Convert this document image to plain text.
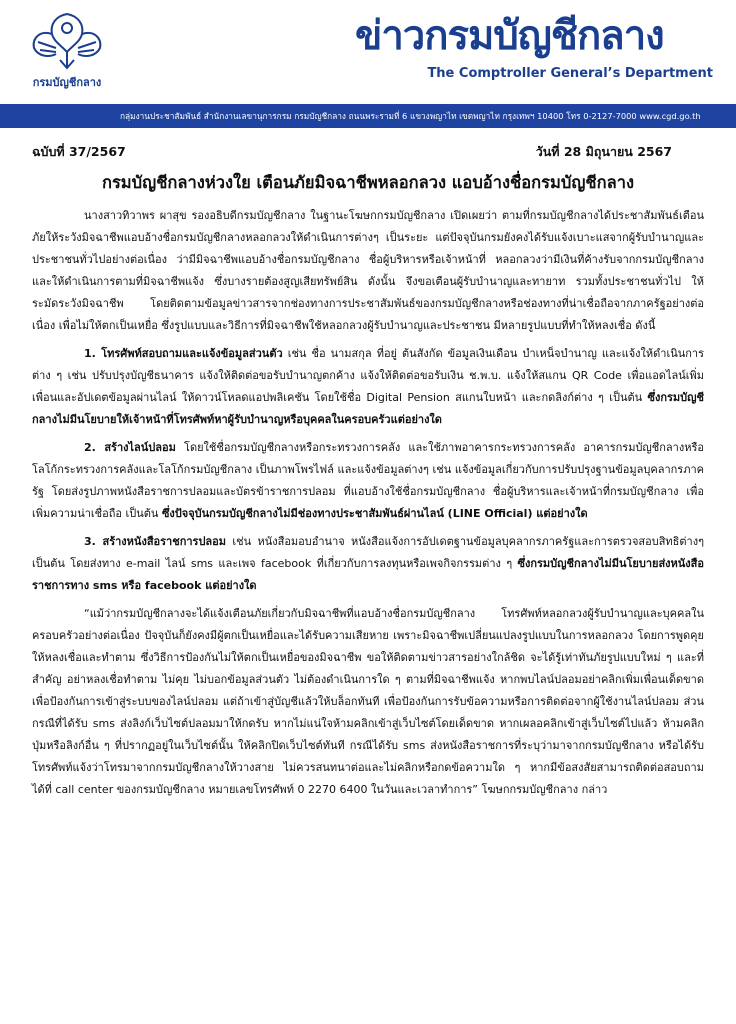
กรมบัญชีกลาง
ข่าวกรมบัญชีกลาง
The Comptroller General’s Department
กลุ่มงานประชาสัมพันธ์ สำนักงานเลขานุการกรม กรมบัญชีกลาง ถนนพระรามที่ 6 แขวงพญาไท เขตพญาไท กรุงเทพฯ 10400 โทร 0-2127-7000 www.cgd.go.th
ฉบับที่ 37/2567	วันที่ 28 มิถุนายน 2567
กรมบัญชีกลางห่วงใย เตือนภัยมิจฉาชีพหลอกลวง แอบอ้างชื่อกรมบัญชีกลาง

นางสาวทิวาพร ผาสุข รองอธิบดีกรมบัญชีกลาง ในฐานะโฆษกกรมบัญชีกลาง เปิดเผยว่า ตามที่กรมบัญชีกลางได้ประชาสัมพันธ์เตือนภัยให้ระวังมิจฉาชีพแอบอ้างชื่อกรมบัญชีกลางหลอกลวงให้ดำเนินการต่างๆ เป็นระยะ แต่ปัจจุบันกรมยังคงได้รับแจ้งเบาะแสจากผู้รับบำนาญและประชาชนทั่วไปอย่างต่อเนื่อง ว่ามีมิจฉาชีพแอบอ้างชื่อกรมบัญชีกลาง ชื่อผู้บริหารหรือเจ้าหน้าที่ หลอกลวงว่ามีเงินที่ค้างรับจากกรมบัญชีกลางและให้ดำเนินการตามที่มิจฉาชีพแจ้ง ซึ่งบางรายต้องสูญเสียทรัพย์สิน ดังนั้น จึงขอเตือนผู้รับบำนาญและทายาท รวมทั้งประชาชนทั่วไป ให้ระมัดระวังมิจฉาชีพ โดยติดตามข้อมูลข่าวสารจากช่องทางการประชาสัมพันธ์ของกรมบัญชีกลางหรือช่องทางที่น่าเชื่อถือจากภาครัฐอย่างต่อเนื่อง เพื่อไม่ให้ตกเป็นเหยื่อ ซึ่งรูปแบบและวิธีการที่มิจฉาชีพใช้หลอกลวงผู้รับบำนาญและประชาชน มีหลายรูปแบบที่ทำให้หลงเชื่อ ดังนี้

1. โทรศัพท์สอบถามและแจ้งข้อมูลส่วนตัว เช่น ชื่อ นามสกุล ที่อยู่ ต้นสังกัด ข้อมูลเงินเดือน บำเหน็จบำนาญ และแจ้งให้ดำเนินการต่าง ๆ เช่น ปรับปรุงบัญชีธนาคาร แจ้งให้ติดต่อขอรับบำนาญตกค้าง แจ้งให้ติดต่อขอรับเงิน ช.พ.บ. แจ้งให้สแกน QR Code เพื่อแอดไลน์เพิ่มเพื่อนและอัปเดตข้อมูลผ่านไลน์ ให้ดาวน์โหลดแอปพลิเคชัน โดยใช้ชื่อ Digital Pension สแกนใบหน้า และกดลิงก์ต่าง ๆ เป็นต้น ซึ่งกรมบัญชีกลางไม่มีนโยบายให้เจ้าหน้าที่โทรศัพท์หาผู้รับบำนาญหรือบุคคลในครอบครัวแต่อย่างใด

2. สร้างไลน์ปลอม โดยใช้ชื่อกรมบัญชีกลางหรือกระทรวงการคลัง และใช้ภาพอาคารกระทรวงการคลัง อาคารกรมบัญชีกลางหรือโลโก้กระทรวงการคลังและโลโก้กรมบัญชีกลาง เป็นภาพโพรไฟล์ และแจ้งข้อมูลต่างๆ เช่น แจ้งข้อมูลเกี่ยวกับการปรับปรุงฐานข้อมูลบุคลากรภาครัฐ โดยส่งรูปภาพหนังสือราชการปลอมและบัตรข้าราชการปลอม ที่แอบอ้างใช้ชื่อกรมบัญชีกลาง ชื่อผู้บริหารและเจ้าหน้าที่กรมบัญชีกลาง เพื่อเพิ่มความน่าเชื่อถือ เป็นต้น ซึ่งปัจจุบันกรมบัญชีกลางไม่มีช่องทางประชาสัมพันธ์ผ่านไลน์ (LINE Official) แต่อย่างใด

3. สร้างหนังสือราชการปลอม เช่น หนังสือมอบอำนาจ หนังสือแจ้งการอัปเดตฐานข้อมูลบุคลากรภาครัฐและการตรวจสอบสิทธิต่างๆ เป็นต้น โดยส่งทาง e-mail ไลน์ sms และเพจ facebook ที่เกี่ยวกับการลงทุนหรือเพจกิจกรรมต่าง ๆ ซึ่งกรมบัญชีกลางไม่มีนโยบายส่งหนังสือราชการทาง sms หรือ facebook แต่อย่างใด

“แม้ว่ากรมบัญชีกลางจะได้แจ้งเตือนภัยเกี่ยวกับมิจฉาชีพที่แอบอ้างชื่อกรมบัญชีกลาง โทรศัพท์หลอกลวงผู้รับบำนาญและบุคคลในครอบครัวอย่างต่อเนื่อง ปัจจุบันก็ยังคงมีผู้ตกเป็นเหยื่อและได้รับความเสียหาย เพราะมิจฉาชีพเปลี่ยนแปลงรูปแบบในการหลอกลวง โดยการพูดคุยให้หลงเชื่อและทำตาม ซึ่งวิธีการป้องกันไม่ให้ตกเป็นเหยื่อของมิจฉาชีพ ขอให้ติดตามข่าวสารอย่างใกล้ชิด จะได้รู้เท่าทันภัยรูปแบบใหม่ ๆ และที่สำคัญ อย่าหลงเชื่อทำตาม ไม่คุย ไม่บอกข้อมูลส่วนตัว ไม่ต้องดำเนินการใด ๆ ตามที่มิจฉาชีพแจ้ง หากพบไลน์ปลอมอย่าคลิกเพิ่มเพื่อนเด็ดขาด เพื่อป้องกันการเข้าสู่ระบบของไลน์ปลอม แต่ถ้าเข้าสู่บัญชีแล้วให้บล็อกทันที เพื่อป้องกันการรับข้อความหรือการติดต่อจากผู้ใช้งานไลน์ปลอม ส่วนกรณีที่ได้รับ sms ส่งลิงก์เว็บไซต์ปลอมมาให้กดรับ หากไม่แน่ใจห้ามคลิกเข้าสู่เว็บไซต์โดยเด็ดขาด หากเผลอคลิกเข้าสู่เว็บไซต์ไปแล้ว ห้ามคลิกปุ่มหรือลิงก์อื่น ๆ ที่ปรากฏอยู่ในเว็บไซต์นั้น ให้คลิกปิดเว็บไซต์ทันที กรณีได้รับ sms ส่งหนังสือราชการที่ระบุว่ามาจากกรมบัญชีกลาง หรือได้รับโทรศัพท์แจ้งว่าโทรมาจากกรมบัญชีกลางให้วางสาย ไม่ควรสนทนาต่อและไม่คลิกหรือกดข้อความใด ๆ หากมีข้อสงสัยสามารถติดต่อสอบถามได้ที่ call center ของกรมบัญชีกลาง หมายเลขโทรศัพท์ 0 2270 6400 ในวันและเวลาทำการ” โฆษกกรมบัญชีกลาง กล่าว
